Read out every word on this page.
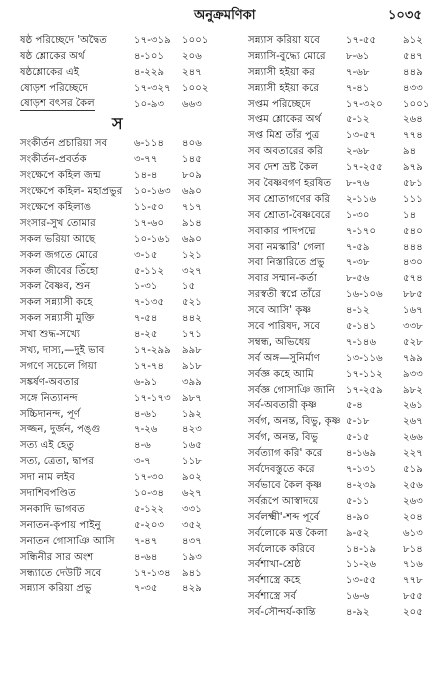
অনুক্রমণিকা	১০৩৫
ষষ্ঠ পরিচ্ছেদে 'অদ্বৈত	১৭-৩১৯ ১০০১
ষষ্ঠ শ্লোকের অর্থ	৪-১০১ ২০৬
ষষ্ঠশ্লোকের এই	৪-২২৯ ২৪৭
ষোড়শ পরিচ্ছেদে	১৭-৩২৭ ১০০২
ষোড়শ বৎসর কৈল	১০-৯৩ ৬৬৩
স
সংকীর্তন প্রচারিয়া সব	৬-১১৪ ৪০৬
সংকীর্তন-প্রবর্তক	৩-৭৭ ১৪৫
সংক্ষেপে কহিল জন্ম	১৪-৪ ৮০৯
সংক্ষেপে কহিল- মহাপ্রভুর ১০-১৬৩ ৬৯০
সংক্ষেপে কহিলাঙ	১১-৫০ ৭১৭
সংসার-সুখ তোমার	১৭-৬০ ৯১৪
সকল ভরিয়া আছে	১০-১৬১ ৬৯০
সকল জগতে মোরে	৩-১৫ ১২১
সকল জীবের তিঁহো	৫-১১২ ৩২৭
সকল বৈষ্ণব, শুন	১-৩১ ১৫
সকল সন্ন্যাসী কহে	৭-১৩৫ ৫২১
সকল সন্ন্যাসী মুক্তি	৭-৫৪ ৪৪২
সখা শুদ্ধ-সখ্যে	৪-২৫ ১৭১
সখ্য, দাস্য,—দুই ভাব	১৭-২৯৯ ৯৯৮
সগণে সচেলে গিয়া	১৭-৭৪ ৯১৮
সঙ্কর্ষণ-অবতার	৬-৯১ ৩৯৯
সঙ্গে নিত্যানন্দ	১৭-১৭৩ ৯৮৭
সচ্চিদানন্দ, পূর্ণ	৪-৬১ ১৯২
সজ্জন, দুর্জন, পঙ্গু	৭-২৬ ৪২৩
সত্য এই হেতু	৪-৬	১৬৫
সত্য, ত্রেতা, দ্বাপর	৩-৭	১১৮
সদা নাম লইব	১৭-৩০ ৯০২
সদাশিবপণ্ডিত	১০-৩৪ ৬২৭
সনকাদি ভাগবত	৫-১২২ ৩৩১
সনাতন-কৃপায় পাইনু	৫-২০৩ ৩৫২
সনাতন গোসাঞি আসি ৭-৪৭ ৪৩৭
সন্ধিনীর সার অংশ	৪-৬৪ ১৯৩
সন্ধ্যাতে দেউটি সবে	১৭-১৩৪ ৯৪১
সন্ন্যাস করিয়া প্রভু	৭-৩৫ ৪২৯
সন্ন্যাস করিয়া যবে	১৭-৫৫	৯১২
সন্ন্যাসি-বুদ্ধ্যে মোরে ৮-৬১	৫৪৭
সন্ন্যাসী হইয়া কর	৭-৬৮	৪৪৯
সন্ন্যাসী হইয়া করে	৭-৪১	৪৩৩
সপ্তম পরিচ্ছেদে	১৭-৩২০ ১০০১
সপ্তম শ্লোকের অর্থ ৫-১২	২৬৪
সপ্ত মিশ্র তাঁর পুত্র	১৩-৫৭	৭৭৪
সব অবতারের করি ২-৬৮	৯৪
সব দেশ ভ্রষ্ট কৈল	১৭-২৫৫ ৯৭৯
সব বৈষ্ণবগণ হরষিত ৮-৭৬	৫৮১
সব শ্রোতাগণের করি ২-১১৬	১১১
সব শ্রোতা-বৈষ্ণবেরে ১-৩০	১৪
সবাকার পাদপদ্মে	৭-১৭০	৫৪০
সবা নমস্কারি' গেলা ৭-৫৯	৪৪৪
সবা নিস্তারিতে প্রভু ৭-৩৮	৪৩০
সবার সম্মান-কর্তা	৮-৫৬	৫৭৪
সরস্বতী স্বপ্নে তাঁরে ১৬-১০৬ ৮৮৫
সবে আসি' কৃষ্ণ	৪-১২	১৬৭
সবে পারিষদ, সবে	৫-১৪১	৩৩৮
সম্বন্ধ, অভিধেয়	৭-১৪৬	৫২৮
সর্ব অঙ্গ—সুনির্মাণ	১৩-১১৬ ৭৯৯
সর্বজ্ঞ কহে আমি	১৭-১১২ ৯৩৩
সর্বজ্ঞ গোসাঞি জানি ১৭-২৫৯ ৯৮২
সর্ব-অবতারী কৃষ্ণ	৫-৪	২৬১
সর্বগ, অনন্ত, বিভু, কৃষ্ণ ৫-১৮	২৬৭
সর্বগ, অনন্ত, বিভু	৫-১৫	২৬৬
সর্বত্যাগ করি' করে ৪-১৬৯	২২৭
সর্বদেবস্তুতে করে	৭-১৩১	৫১৯
সর্বভাবে কৈল কৃষ্ণ ৪-২৩৯	২৫৬
সর্বরূপে আস্বাদয়ে	৫-১১	২৬৩
সর্বলক্ষ্মী'-শব্দ পূর্বে	৪-৯০	২০৪
সর্বলোকে মত্ত কৈলা ৯-৫২	৬১৩
সর্বলোকে করিবে	১৪-১৯	৮১৪
সর্বশাখা-শ্রেষ্ঠ	১১-২৬	৭১৬
সর্বশাস্ত্রে কহে	১৩-৫৫	৭৭৮
সর্বশাস্ত্রে সর্ব	১৬-৬	৮৫৫
সর্ব-সৌন্দর্য-কান্তি	৪-৯২	২০৫
